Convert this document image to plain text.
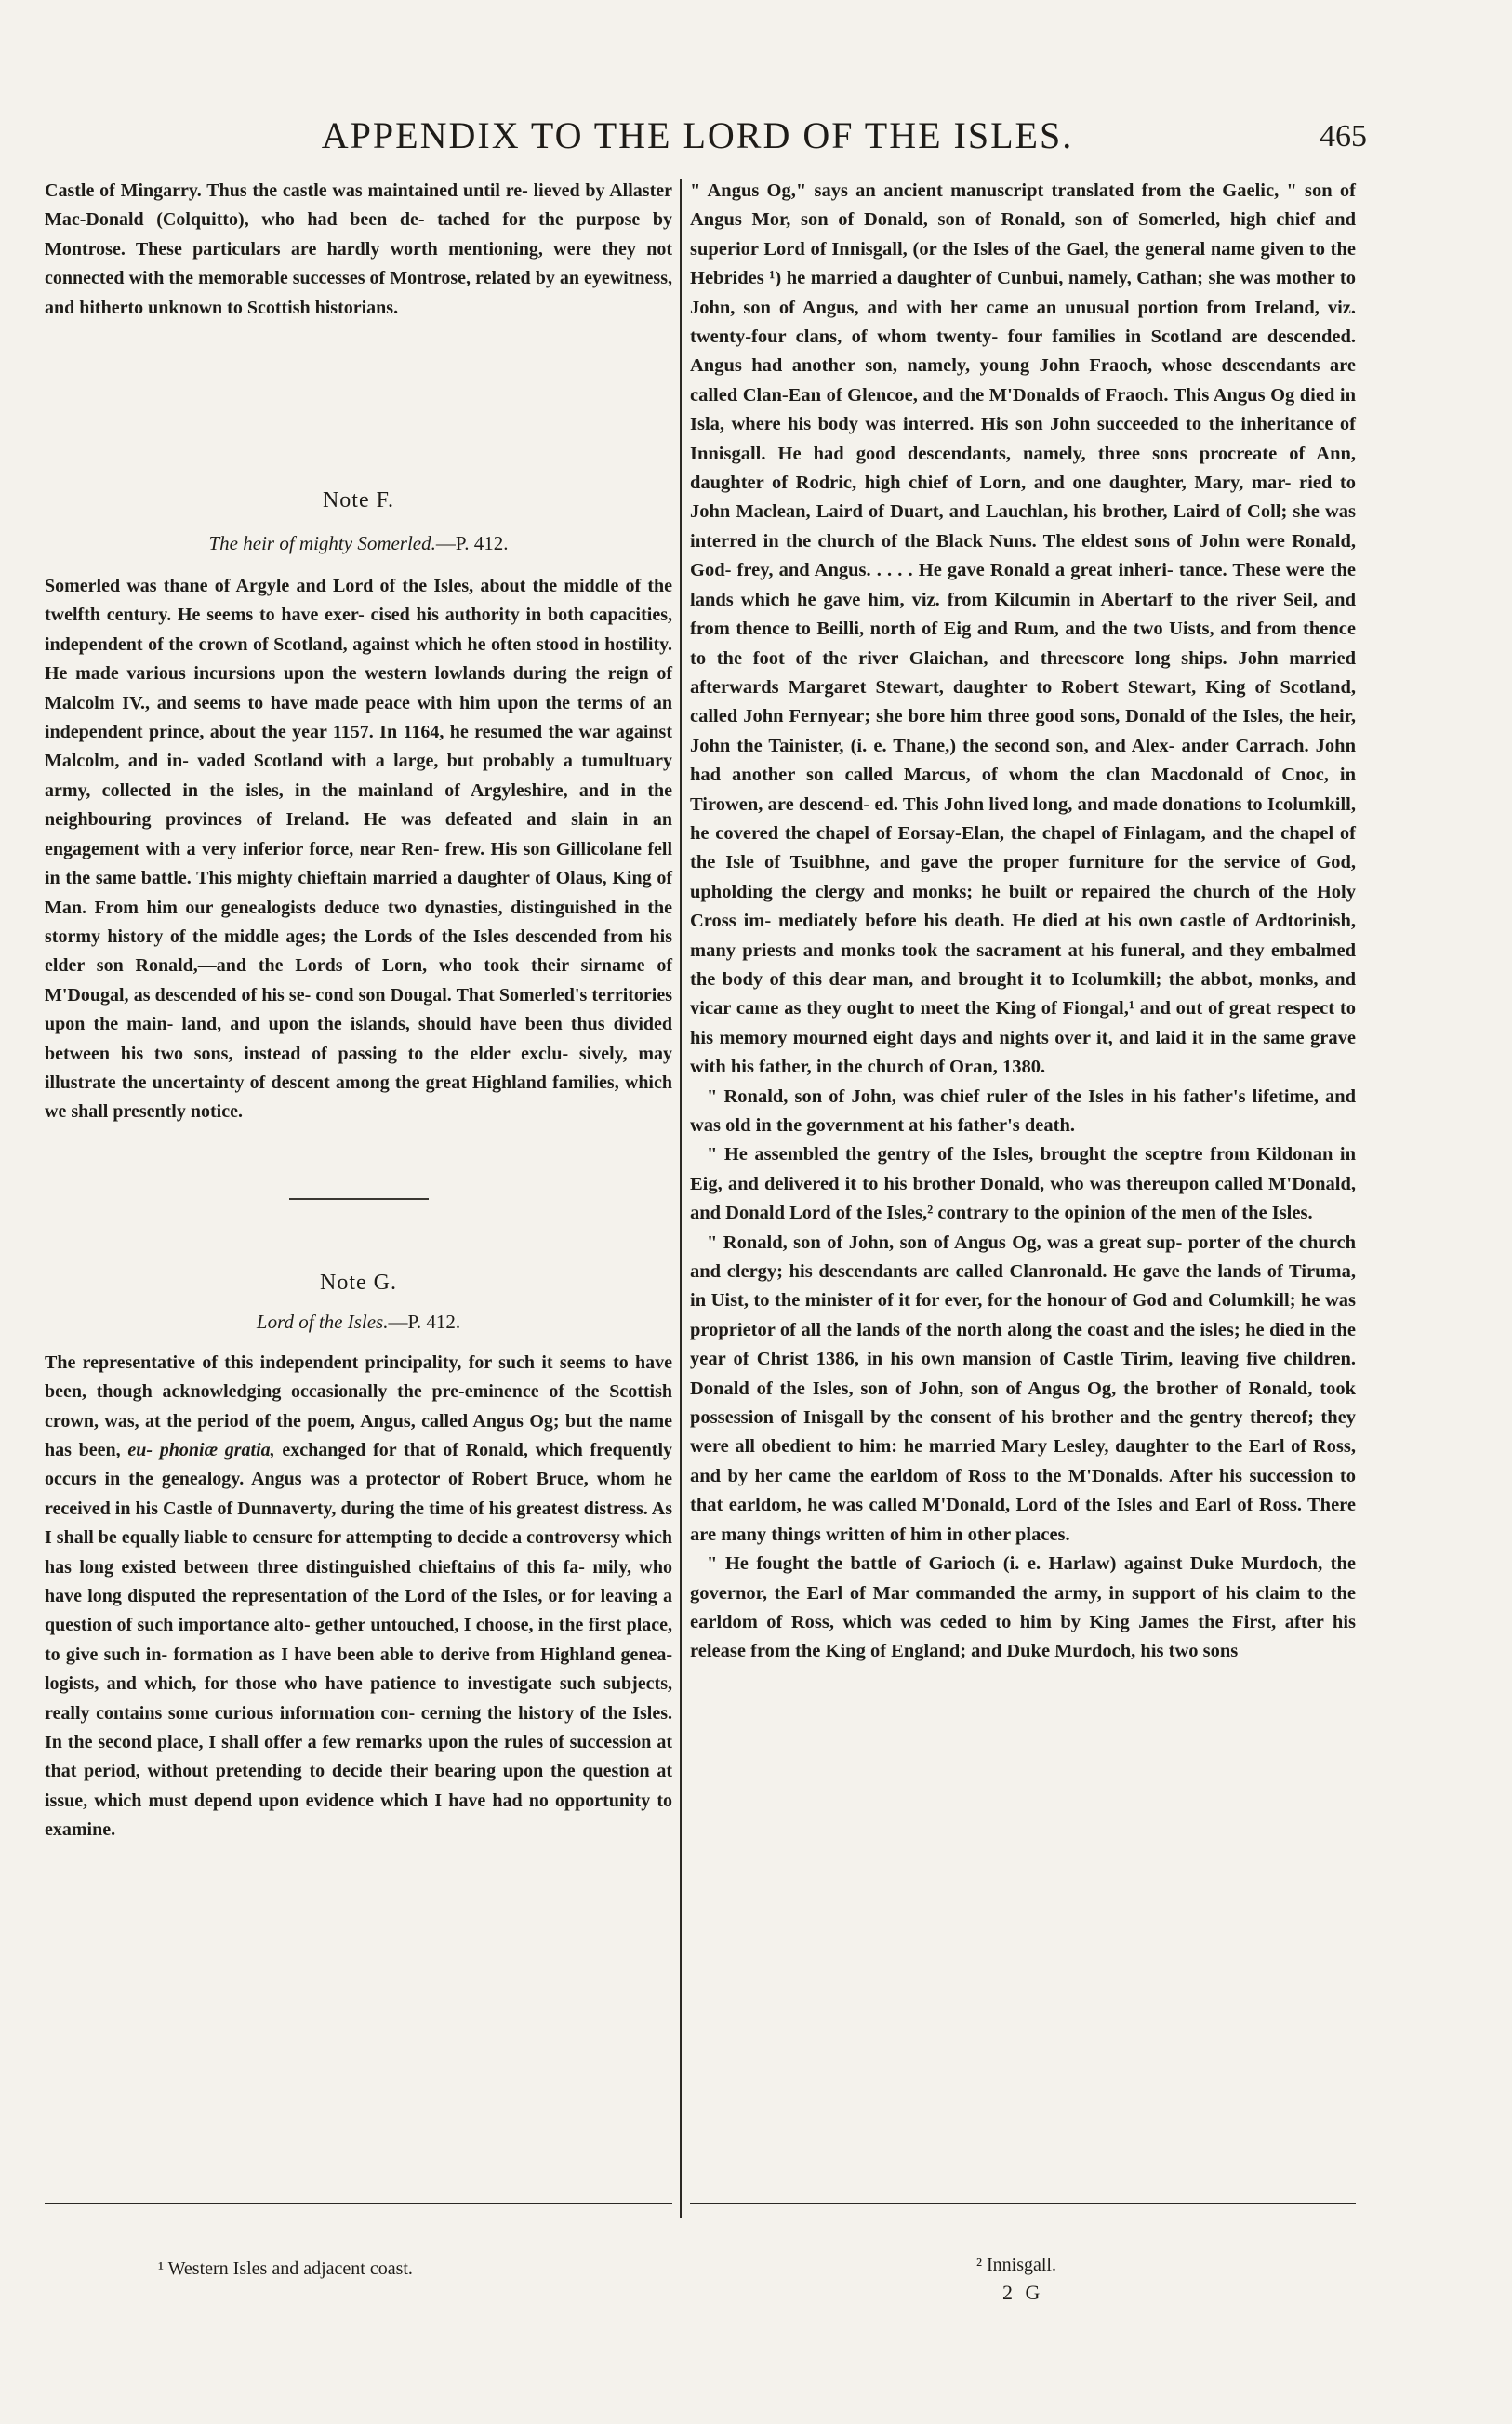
APPENDIX TO THE LORD OF THE ISLES.	465

Castle of Mingarry. Thus the castle was maintained until re- lieved by Allaster Mac-Donald (Colquitto), who had been de- tached for the purpose by Montrose. These particulars are hardly worth mentioning, were they not connected with the memorable successes of Montrose, related by an eyewitness, and hitherto unknown to Scottish historians.

Note F.
The heir of mighty Somerled.—P. 412.

Somerled was thane of Argyle and Lord of the Isles, about the middle of the twelfth century. He seems to have exer- cised his authority in both capacities, independent of the crown of Scotland, against which he often stood in hostility. He made various incursions upon the western lowlands during the reign of Malcolm IV., and seems to have made peace with him upon the terms of an independent prince, about the year 1157. In 1164, he resumed the war against Malcolm, and in- vaded Scotland with a large, but probably a tumultuary army, collected in the isles, in the mainland of Argyleshire, and in the neighbouring provinces of Ireland. He was defeated and slain in an engagement with a very inferior force, near Ren- frew. His son Gillicolane fell in the same battle. This mighty chieftain married a daughter of Olaus, King of Man. From him our genealogists deduce two dynasties, distinguished in the stormy history of the middle ages; the Lords of the Isles descended from his elder son Ronald,—and the Lords of Lorn, who took their sirname of M'Dougal, as descended of his se- cond son Dougal. That Somerled's territories upon the main- land, and upon the islands, should have been thus divided between his two sons, instead of passing to the elder exclu- sively, may illustrate the uncertainty of descent among the great Highland families, which we shall presently notice.

Note G.
Lord of the Isles.—P. 412.

The representative of this independent principality, for such it seems to have been, though acknowledging occasionally the pre-eminence of the Scottish crown, was, at the period of the poem, Angus, called Angus Og; but the name has been, eu- phoniæ gratia, exchanged for that of Ronald, which frequently occurs in the genealogy. Angus was a protector of Robert Bruce, whom he received in his Castle of Dunnaverty, during the time of his greatest distress. As I shall be equally liable to censure for attempting to decide a controversy which has long existed between three distinguished chieftains of this fa- mily, who have long disputed the representation of the Lord of the Isles, or for leaving a question of such importance alto- gether untouched, I choose, in the first place, to give such in- formation as I have been able to derive from Highland genea- logists, and which, for those who have patience to investigate such subjects, really contains some curious information con- cerning the history of the Isles. In the second place, I shall offer a few remarks upon the rules of succession at that period, without pretending to decide their bearing upon the question at issue, which must depend upon evidence which I have had no opportunity to examine.

" Angus Og," says an ancient manuscript translated from the Gaelic, " son of Angus Mor, son of Donald, son of Ronald, son of Somerled, high chief and superior Lord of Innisgall, (or the Isles of the Gael, the general name given to the Hebrides ¹) he married a daughter of Cunbui, namely, Cathan; she was mother to John, son of Angus, and with her came an unusual portion from Ireland, viz. twenty-four clans, of whom twenty- four families in Scotland are descended. Angus had another son, namely, young John Fraoch, whose descendants are called Clan-Ean of Glencoe, and the M'Donalds of Fraoch. This Angus Og died in Isla, where his body was interred. His son John succeeded to the inheritance of Innisgall. He had good descendants, namely, three sons procreate of Ann, daughter of Rodric, high chief of Lorn, and one daughter, Mary, mar- ried to John Maclean, Laird of Duart, and Lauchlan, his brother, Laird of Coll; she was interred in the church of the Black Nuns. The eldest sons of John were Ronald, God- frey, and Angus. . . . . He gave Ronald a great inheri- tance. These were the lands which he gave him, viz. from Kilcumin in Abertarf to the river Seil, and from thence to Beilli, north of Eig and Rum, and the two Uists, and from thence to the foot of the river Glaichan, and threescore long ships. John married afterwards Margaret Stewart, daughter to Robert Stewart, King of Scotland, called John Fernyear; she bore him three good sons, Donald of the Isles, the heir, John the Tainister, (i. e. Thane,) the second son, and Alex- ander Carrach. John had another son called Marcus, of whom the clan Macdonald of Cnoc, in Tirowen, are descend- ed. This John lived long, and made donations to Icolumkill, he covered the chapel of Eorsay-Elan, the chapel of Finlagam, and the chapel of the Isle of Tsuibhne, and gave the proper furniture for the service of God, upholding the clergy and monks; he built or repaired the church of the Holy Cross im- mediately before his death. He died at his own castle of Ardtorinish, many priests and monks took the sacrament at his funeral, and they embalmed the body of this dear man, and brought it to Icolumkill; the abbot, monks, and vicar came as they ought to meet the King of Fiongal,¹ and out of great respect to his memory mourned eight days and nights over it, and laid it in the same grave with his father, in the church of Oran, 1380.

" Ronald, son of John, was chief ruler of the Isles in his father's lifetime, and was old in the government at his father's death.

" He assembled the gentry of the Isles, brought the sceptre from Kildonan in Eig, and delivered it to his brother Donald, who was thereupon called M'Donald, and Donald Lord of the Isles,² contrary to the opinion of the men of the Isles.

" Ronald, son of John, son of Angus Og, was a great sup- porter of the church and clergy; his descendants are called Clanronald. He gave the lands of Tiruma, in Uist, to the minister of it for ever, for the honour of God and Columkill; he was proprietor of all the lands of the north along the coast and the isles; he died in the year of Christ 1386, in his own mansion of Castle Tirim, leaving five children. Donald of the Isles, son of John, son of Angus Og, the brother of Ronald, took possession of Inisgall by the consent of his brother and the gentry thereof; they were all obedient to him: he married Mary Lesley, daughter to the Earl of Ross, and by her came the earldom of Ross to the M'Donalds. After his succession to that earldom, he was called M'Donald, Lord of the Isles and Earl of Ross. There are many things written of him in other places.

" He fought the battle of Garioch (i. e. Harlaw) against Duke Murdoch, the governor, the Earl of Mar commanded the army, in support of his claim to the earldom of Ross, which was ceded to him by King James the First, after his release from the King of England; and Duke Murdoch, his two sons

¹ Western Isles and adjacent coast.	² Innisgall.
2 G
